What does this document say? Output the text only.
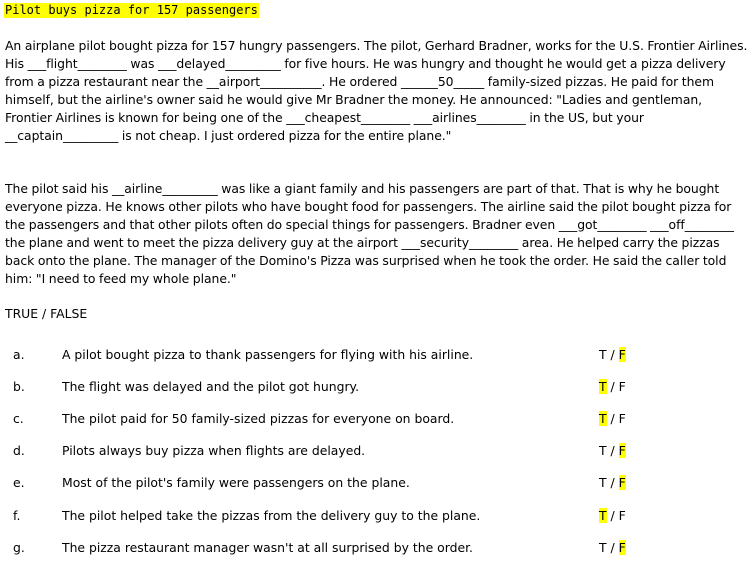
Pilot buys pizza for 157 passengers

An airplane pilot bought pizza for 157 hungry passengers. The pilot, Gerhard Bradner, works for the U.S. Frontier Airlines. His ___flight________ was ___delayed_________ for five hours. He was hungry and thought he would get a pizza delivery from a pizza restaurant near the __airport__________. He ordered ______50_____ family-sized pizzas. He paid for them himself, but the airline's owner said he would give Mr Bradner the money. He announced: "Ladies and gentleman, Frontier Airlines is known for being one of the ___cheapest________ ___airlines________ in the US, but your __captain_________ is not cheap. I just ordered pizza for the entire plane."

The pilot said his __airline_________ was like a giant family and his passengers are part of that. That is why he bought everyone pizza. He knows other pilots who have bought food for passengers. The airline said the pilot bought pizza for the passengers and that other pilots often do special things for passengers. Bradner even ___got________ ___off________ the plane and went to meet the pizza delivery guy at the airport ___security________ area. He helped carry the pizzas back onto the plane. The manager of the Domino's Pizza was surprised when he took the order. He said the caller told him: "I need to feed my whole plane."

TRUE / FALSE
a.	A pilot bought pizza to thank passengers for flying with his airline.	T / F
b.	The flight was delayed and the pilot got hungry.	T / F
c.	The pilot paid for 50 family-sized pizzas for everyone on board.	T / F
d.	Pilots always buy pizza when flights are delayed.	T / F
e.	Most of the pilot's family were passengers on the plane.	T / F
f.	The pilot helped take the pizzas from the delivery guy to the plane.	T / F
g.	The pizza restaurant manager wasn't at all surprised by the order.	T / F
